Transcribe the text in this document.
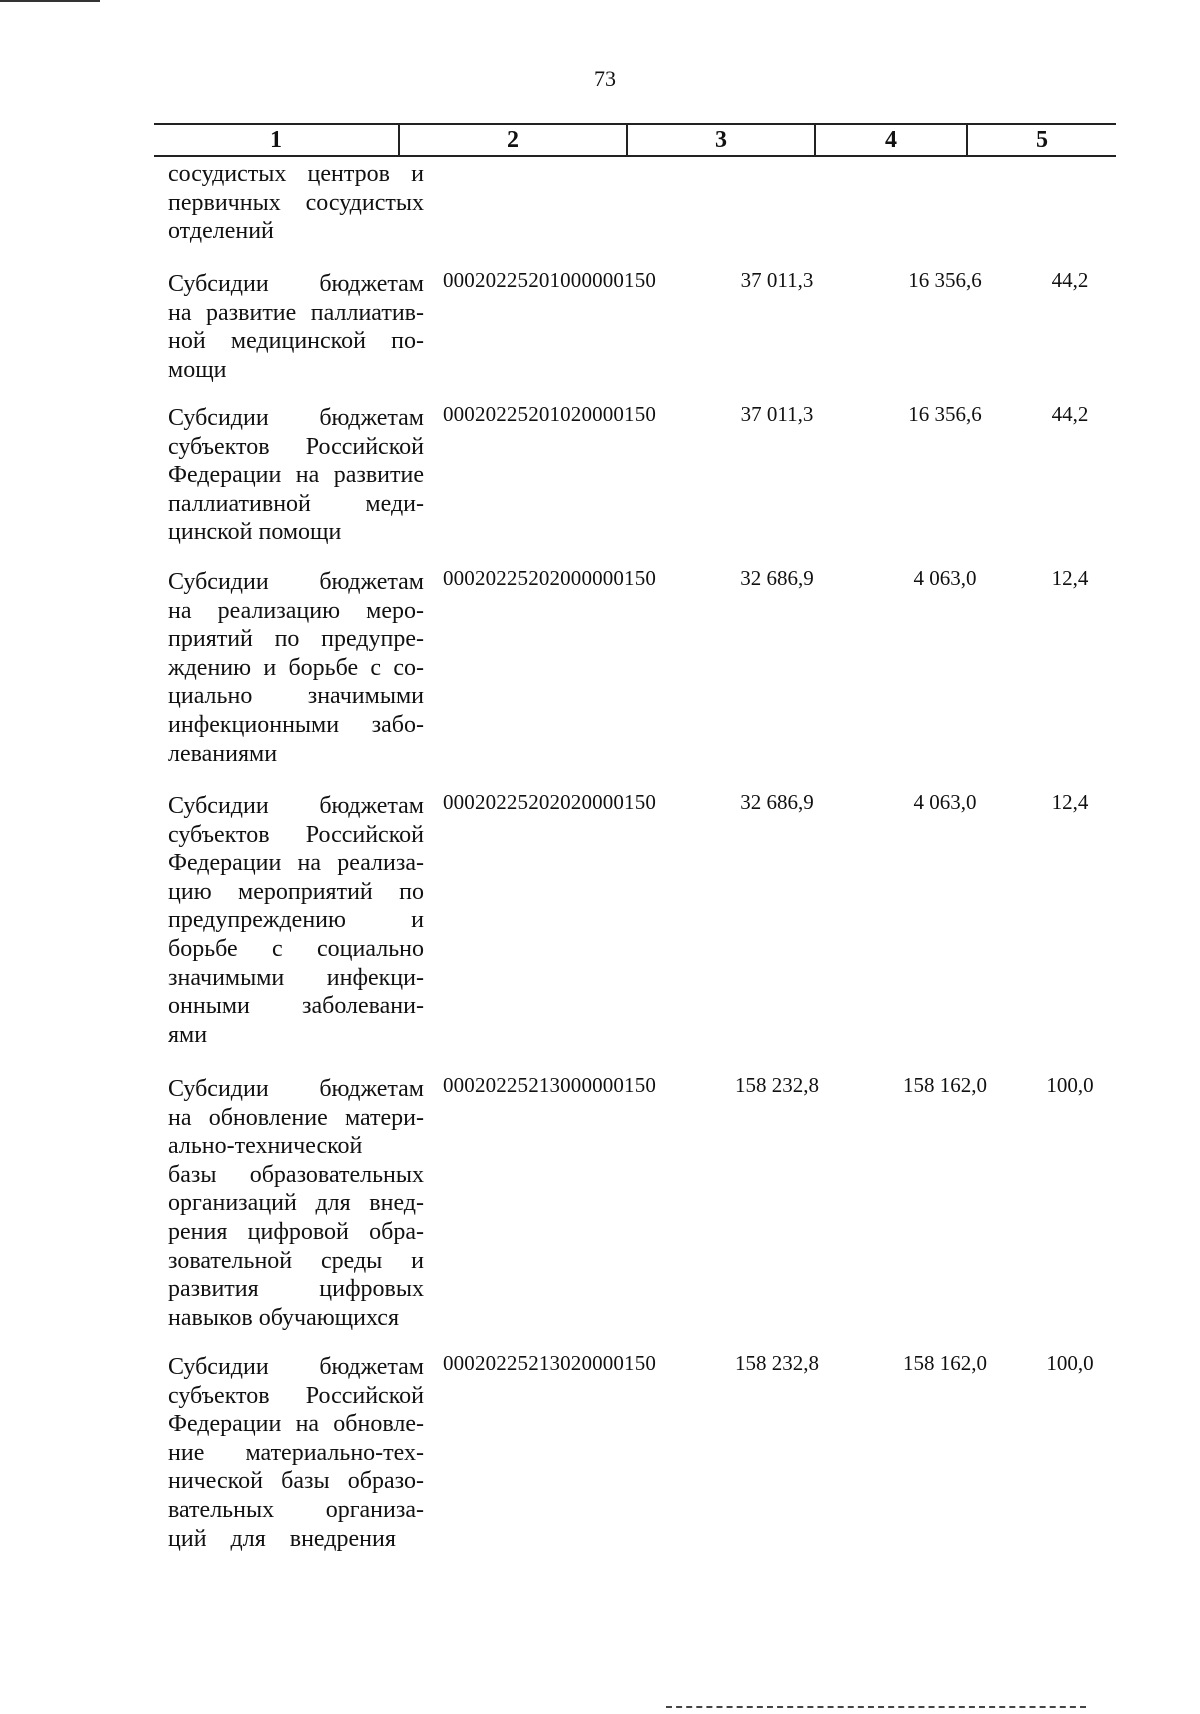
73
1	2	3	4	5
сосудистых центров и
первичных сосудистых
отделений
Субсидии    бюджетам
на развитие паллиатив-
ной  медицинской  по-
мощи
00020225201000000150	37 011,3	16 356,6	44,2
Субсидии    бюджетам
субъектов  Российской
Федерации на развитие
паллиативной     меди-
цинской помощи
00020225201020000150	37 011,3	16 356,6	44,2
Субсидии    бюджетам
на  реализацию  меро-
приятий  по  предупре-
ждению и борьбе с со-
циально       значимыми
инфекционными  забо-
леваниями
00020225202000000150	32 686,9	4 063,0	12,4
Субсидии    бюджетам
субъектов  Российской
Федерации на реализа-
цию  мероприятий  по
предупреждению        и
борьбе   с   социально
значимыми   инфекци-
онными     заболевани-
ями
00020225202020000150	32 686,9	4 063,0	12,4
Субсидии    бюджетам
на обновление матери-
ально-технической
базы образовательных
организаций для внед-
рения цифровой обра-
зовательной  среды  и
развития        цифровых
навыков обучающихся
00020225213000000150	158 232,8	158 162,0	100,0
Субсидии    бюджетам
субъектов  Российской
Федерации на обновле-
ние  материально-тех-
нической базы образо-
вательных      организа-
ций    для    внедрения
00020225213020000150	158 232,8	158 162,0	100,0
